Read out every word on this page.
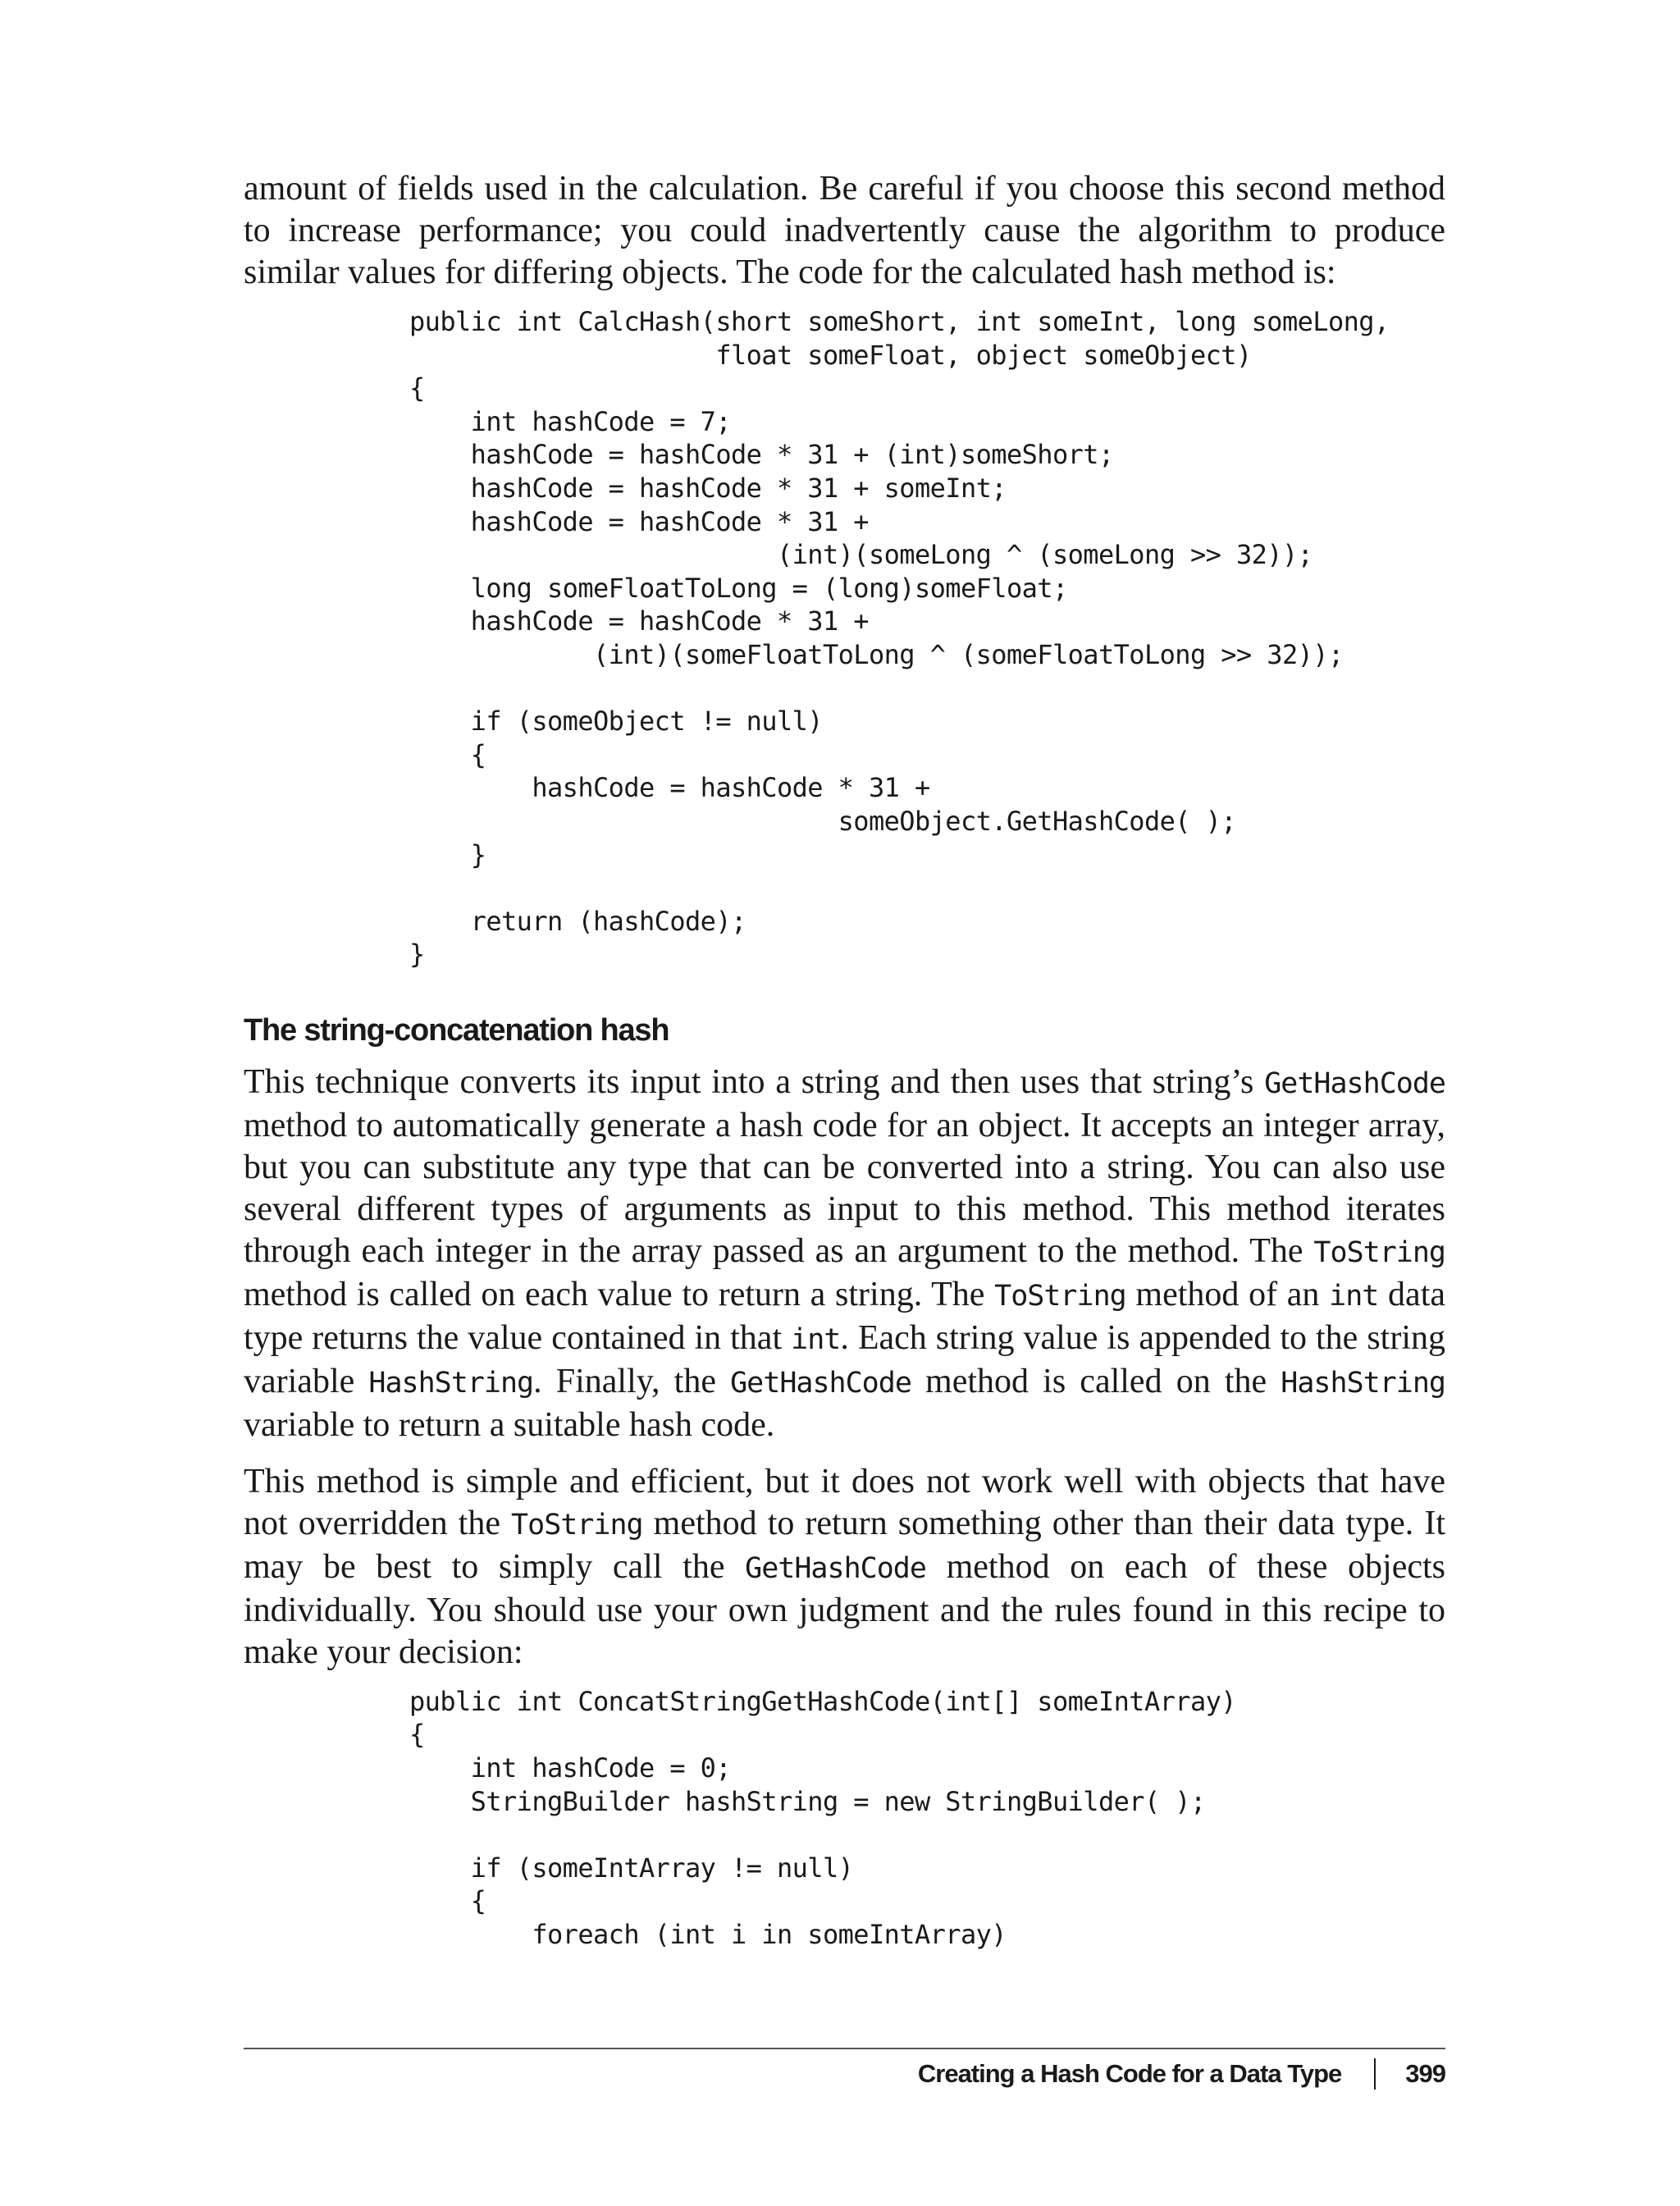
amount of fields used in the calculation. Be careful if you choose this second method to increase performance; you could inadvertently cause the algorithm to produce similar values for differing objects. The code for the calculated hash method is:

public int CalcHash(short someShort, int someInt, long someLong,
float someFloat, object someObject)
{
int hashCode = 7;
hashCode = hashCode * 31 + (int)someShort;
hashCode = hashCode * 31 + someInt;
hashCode = hashCode * 31 +
(int)(someLong ^ (someLong >> 32));
long someFloatToLong = (long)someFloat;
hashCode = hashCode * 31 +
(int)(someFloatToLong ^ (someFloatToLong >> 32));

if (someObject != null)
{
hashCode = hashCode * 31 +
someObject.GetHashCode( );
}

return (hashCode);
}
The string-concatenation hash

This technique converts its input into a string and then uses that string’s GetHashCode method to automatically generate a hash code for an object. It accepts an integer array, but you can substitute any type that can be converted into a string. You can also use several different types of arguments as input to this method. This method iterates through each integer in the array passed as an argument to the method. The ToString method is called on each value to return a string. The ToString method of an int data type returns the value contained in that int. Each string value is appended to the string variable HashString. Finally, the GetHashCode method is called on the HashString variable to return a suitable hash code.

This method is simple and efficient, but it does not work well with objects that have not overridden the ToString method to return something other than their data type. It may be best to simply call the GetHashCode method on each of these objects individually. You should use your own judgment and the rules found in this recipe to make your decision:

public int ConcatStringGetHashCode(int[] someIntArray)
{
int hashCode = 0;
StringBuilder hashString = new StringBuilder( );

if (someIntArray != null)
{
foreach (int i in someIntArray)
Creating a Hash Code for a Data Type	399
